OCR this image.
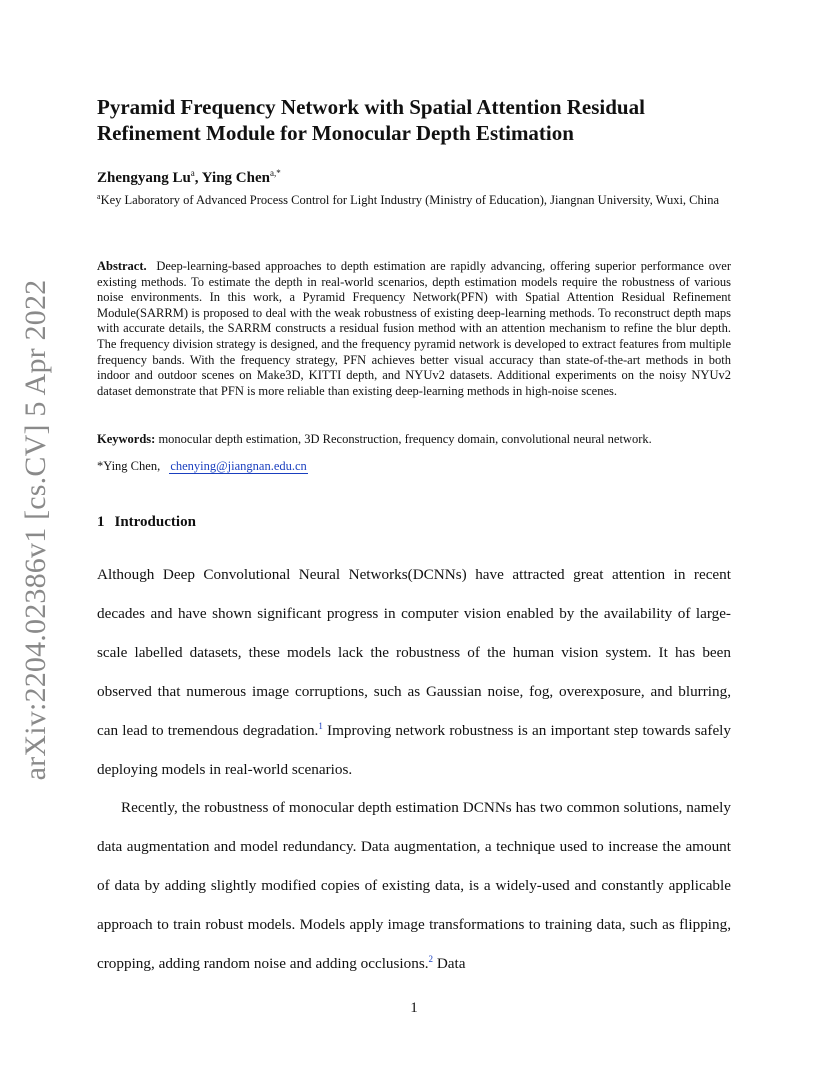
arXiv:2204.02386v1 [cs.CV] 5 Apr 2022
Pyramid Frequency Network with Spatial Attention Residual Refinement Module for Monocular Depth Estimation
Zhengyang Lu$^a$, Ying Chen$^{a,*}$
$^a$Key Laboratory of Advanced Process Control for Light Industry (Ministry of Education), Jiangnan University, Wuxi, China

Abstract. Deep-learning-based approaches to depth estimation are rapidly advancing, offering superior performance over existing methods. To estimate the depth in real-world scenarios, depth estimation models require the robustness of various noise environments. In this work, a Pyramid Frequency Network(PFN) with Spatial Attention Residual Refinement Module(SARRM) is proposed to deal with the weak robustness of existing deep-learning methods. To reconstruct depth maps with accurate details, the SARRM constructs a residual fusion method with an attention mechanism to refine the blur depth. The frequency division strategy is designed, and the frequency pyramid network is developed to extract features from multiple frequency bands. With the frequency strategy, PFN achieves better visual accuracy than state-of-the-art methods in both indoor and outdoor scenes on Make3D, KITTI depth, and NYUv2 datasets. Additional experiments on the noisy NYUv2 dataset demonstrate that PFN is more reliable than existing deep-learning methods in high-noise scenes.

Keywords: monocular depth estimation, 3D Reconstruction, frequency domain, convolutional neural network.
*Ying Chen, chenying@jiangnan.edu.cn
1 Introduction

Although Deep Convolutional Neural Networks(DCNNs) have attracted great attention in recent decades and have shown significant progress in computer vision enabled by the availability of large-scale labelled datasets, these models lack the robustness of the human vision system. It has been observed that numerous image corruptions, such as Gaussian noise, fog, overexposure, and blurring, can lead to tremendous degradation.$^1$ Improving network robustness is an important step towards safely deploying models in real-world scenarios.

Recently, the robustness of monocular depth estimation DCNNs has two common solutions, namely data augmentation and model redundancy. Data augmentation, a technique used to increase the amount of data by adding slightly modified copies of existing data, is a widely-used and constantly applicable approach to train robust models. Models apply image transformations to training data, such as flipping, cropping, adding random noise and adding occlusions.$^2$ Data

1
